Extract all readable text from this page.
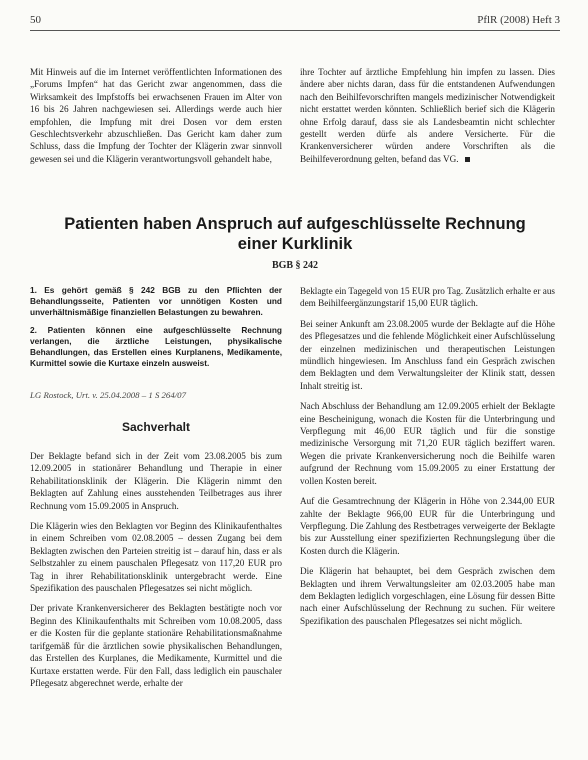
50	PflR (2008) Heft 3

Mit Hinweis auf die im Internet veröffentlichten Informationen des „Forums Impfen“ hat das Gericht zwar angenommen, dass die Wirksamkeit des Impfstoffs bei erwachsenen Frauen im Alter von 16 bis 26 Jahren nachgewiesen sei. Allerdings werde auch hier empfohlen, die Impfung mit drei Dosen vor dem ersten Geschlechtsverkehr abzuschließen. Das Gericht kam daher zum Schluss, dass die Impfung der Tochter der Klägerin zwar sinnvoll gewesen sei und die Klägerin verantwortungsvoll gehandelt habe,

ihre Tochter auf ärztliche Empfehlung hin impfen zu lassen. Dies ändere aber nichts daran, dass für die entstandenen Aufwendungen nach den Beihilfevorschriften mangels medizinischer Notwendigkeit nicht erstattet werden könnten. Schließlich berief sich die Klägerin ohne Erfolg darauf, dass sie als Landesbeamtin nicht schlechter gestellt werden dürfe als andere Versicherte. Für die Krankenversicherer würden andere Vorschriften als die Beihilfeverordnung gelten, befand das VG.

Patienten haben Anspruch auf aufgeschlüsselte Rechnung einer Kurklinik
BGB § 242

1. Es gehört gemäß § 242 BGB zu den Pflichten der Behandlungsseite, Patienten vor unnötigen Kosten und unverhältnismäßige finanziellen Belastungen zu bewahren.

2. Patienten können eine aufgeschlüsselte Rechnung verlangen, die ärztliche Leistungen, physikalische Behandlungen, das Erstellen eines Kurplanens, Medikamente, Kurmittel sowie die Kurtaxe einzeln ausweist.

LG Rostock, Urt. v. 25.04.2008 – 1 S 264/07
Sachverhalt

Der Beklagte befand sich in der Zeit vom 23.08.2005 bis zum 12.09.2005 in stationärer Behandlung und Therapie in einer Rehabilitationsklinik der Klägerin. Die Klägerin nimmt den Beklagten auf Zahlung eines ausstehenden Teilbetrages aus ihrer Rechnung vom 15.09.2005 in Anspruch.

Die Klägerin wies den Beklagten vor Beginn des Klinikaufenthaltes in einem Schreiben vom 02.08.2005 – dessen Zugang bei dem Beklagten zwischen den Parteien streitig ist – darauf hin, dass er als Selbstzahler zu einem pauschalen Pflegesatz von 117,20 EUR pro Tag in ihrer Rehabilitationsklinik untergebracht werde. Eine Spezifikation des pauschalen Pflegesatzes sei nicht möglich.

Der private Krankenversicherer des Beklagten bestätigte noch vor Beginn des Klinikaufenthalts mit Schreiben vom 10.08.2005, dass er die Kosten für die geplante stationäre Rehabilitationsmaßnahme tarifgemäß für die ärztlichen sowie physikalischen Behandlungen, das Erstellen des Kurplanes, die Medikamente, Kurmittel und die Kurtaxe erstatten werde. Für den Fall, dass lediglich ein pauschaler Pflegesatz abgerechnet werde, erhalte der

Beklagte ein Tagegeld von 15 EUR pro Tag. Zusätzlich erhalte er aus dem Beihilfeergänzungstarif 15,00 EUR täglich.

Bei seiner Ankunft am 23.08.2005 wurde der Beklagte auf die Höhe des Pflegesatzes und die fehlende Möglichkeit einer Aufschlüsselung der einzelnen medizinischen und therapeutischen Leistungen mündlich hingewiesen. Im Anschluss fand ein Gespräch zwischen dem Beklagten und dem Verwaltungsleiter der Klinik statt, dessen Inhalt streitig ist.

Nach Abschluss der Behandlung am 12.09.2005 erhielt der Beklagte eine Bescheinigung, wonach die Kosten für die Unterbringung und Verpflegung mit 46,00 EUR täglich und für die sonstige medizinische Versorgung mit 71,20 EUR täglich beziffert waren. Wegen die private Krankenversicherung noch die Beihilfe waren aufgrund der Rechnung vom 15.09.2005 zu einer Erstattung der vollen Kosten bereit.

Auf die Gesamtrechnung der Klägerin in Höhe von 2.344,00 EUR zahlte der Beklagte 966,00 EUR für die Unterbringung und Verpflegung. Die Zahlung des Restbetrages verweigerte der Beklagte bis zur Ausstellung einer spezifizierten Rechnungslegung über die Kosten durch die Klägerin.

Die Klägerin hat behauptet, bei dem Gespräch zwischen dem Beklagten und ihrem Verwaltungsleiter am 02.03.2005 habe man dem Beklagten lediglich vorgeschlagen, eine Lösung für dessen Bitte nach einer Aufschlüsselung der Rechnung zu suchen. Für weitere Spezifikation des pauschalen Pflegesatzes sei nicht möglich.
